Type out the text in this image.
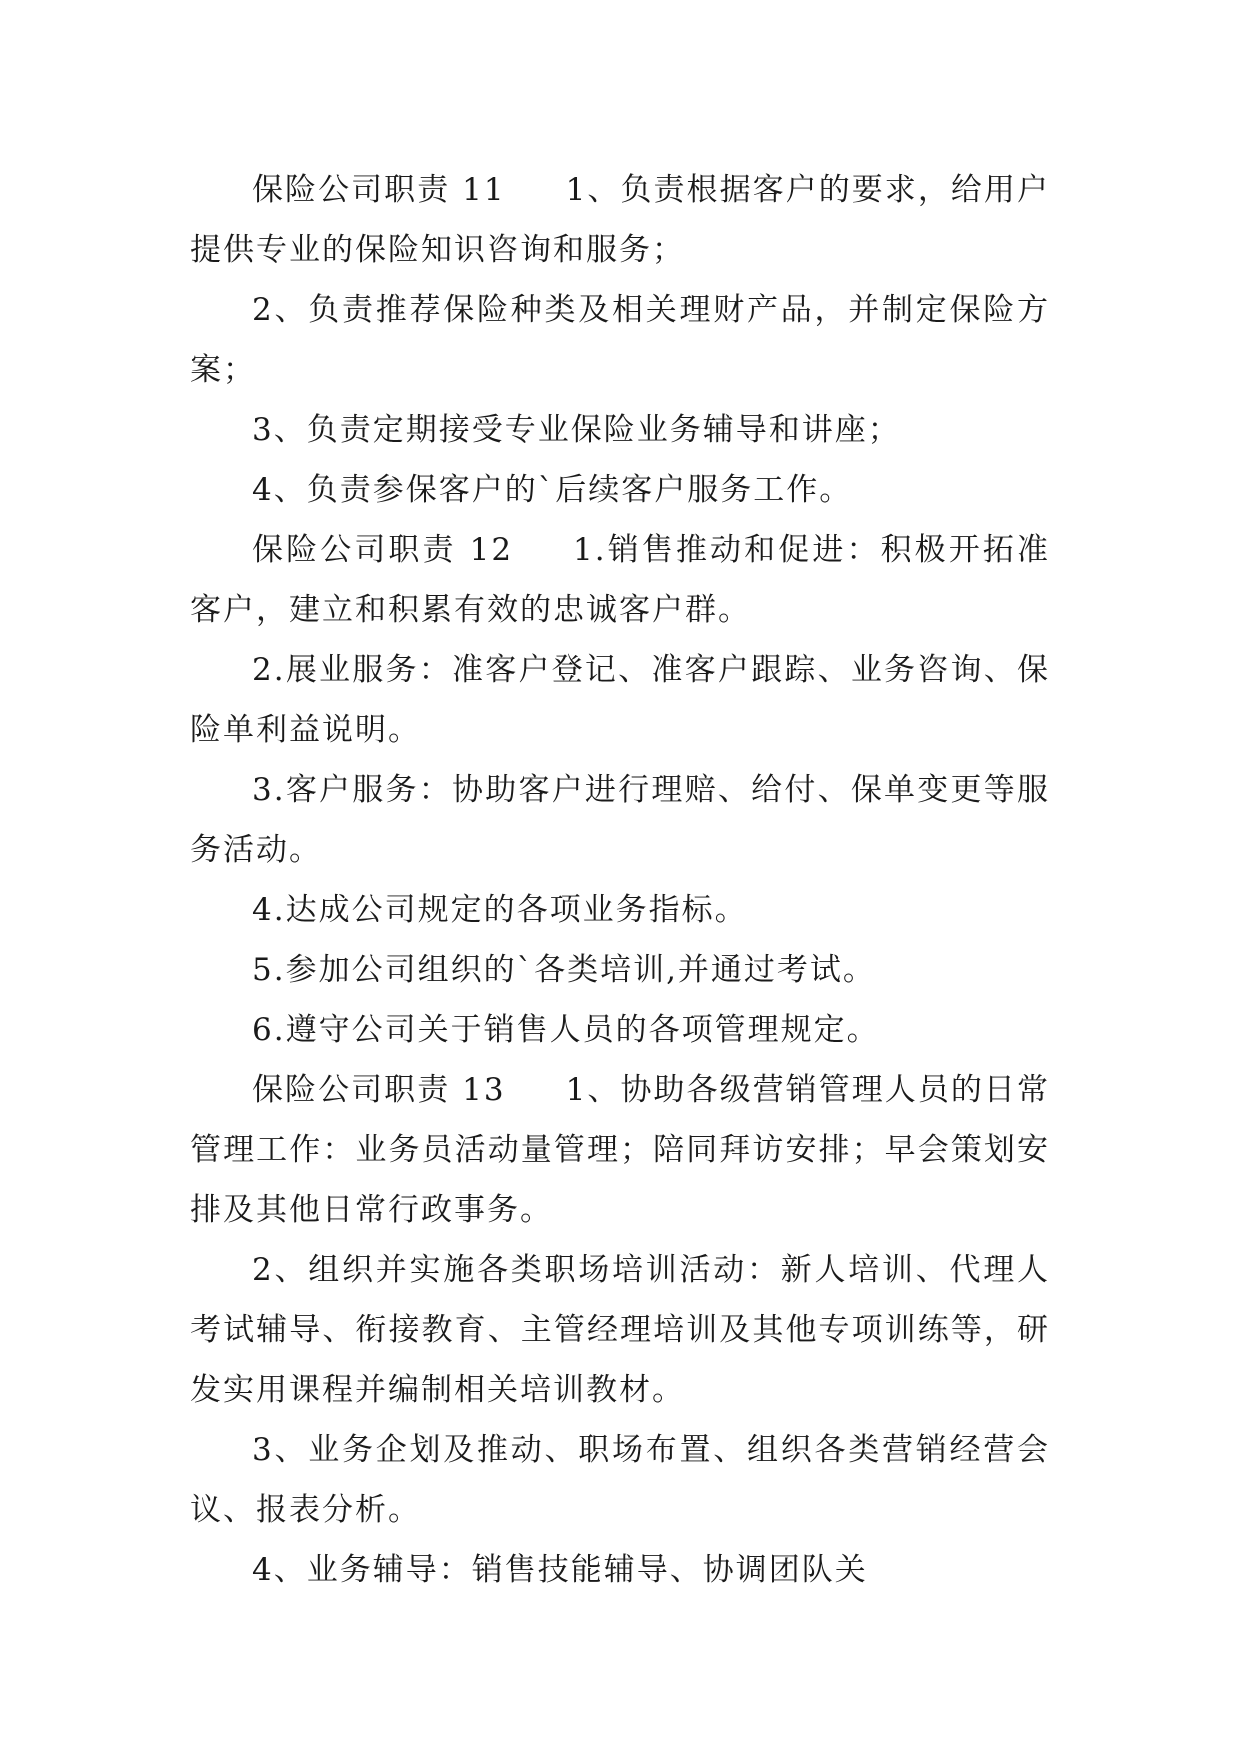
保险公司职责 11 1、负责根据客户的要求，给用户提供专业的保险知识咨询和服务；

2、负责推荐保险种类及相关理财产品，并制定保险方案；

3、负责定期接受专业保险业务辅导和讲座；

4、负责参保客户的`后续客户服务工作。

保险公司职责 12 1.销售推动和促进：积极开拓准客户，建立和积累有效的忠诚客户群。

2.展业服务：准客户登记、准客户跟踪、业务咨询、保险单利益说明。

3.客户服务：协助客户进行理赔、给付、保单变更等服务活动。

4.达成公司规定的各项业务指标。

5.参加公司组织的`各类培训,并通过考试。

6.遵守公司关于销售人员的各项管理规定。

保险公司职责 13 1、协助各级营销管理人员的日常管理工作：业务员活动量管理；陪同拜访安排；早会策划安排及其他日常行政事务。

2、组织并实施各类职场培训活动：新人培训、代理人考试辅导、衔接教育、主管经理培训及其他专项训练等，研发实用课程并编制相关培训教材。

3、业务企划及推动、职场布置、组织各类营销经营会议、报表分析。

4、业务辅导：销售技能辅导、协调团队关
